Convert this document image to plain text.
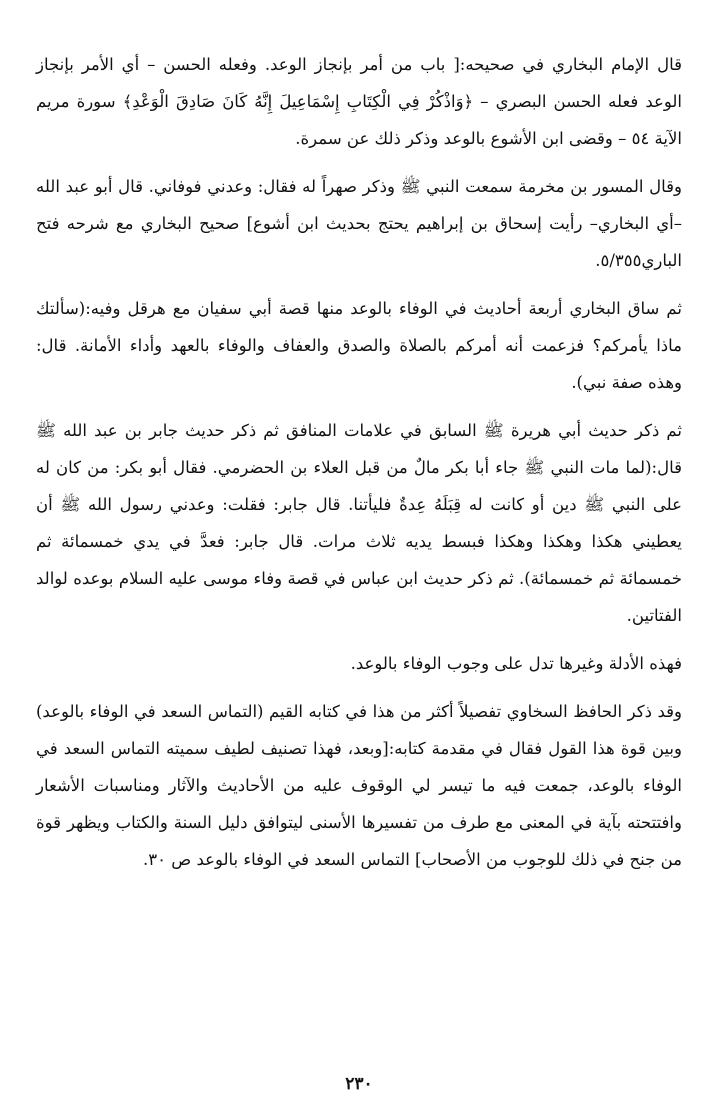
قال الإمام البخاري في صحيحه:[ باب من أمر بإنجاز الوعد. وفعله الحسن – أي الأمر بإنجاز الوعد فعله الحسن البصري – ﴿وَاذْكُرْ فِي الْكِتَابِ إِسْمَاعِيلَ إِنَّهُ كَانَ صَادِقَ الْوَعْدِ﴾ سورة مريم الآية ٥٤ – وقضى ابن الأشوع بالوعد وذكر ذلك عن سمرة.

وقال المسور بن مخرمة سمعت النبي ﷺ وذكر صهراً له فقال: وعدني فوفاني. قال أبو عبد الله –أي البخاري– رأيت إسحاق بن إبراهيم يحتج بحديث ابن أشوع] صحيح البخاري مع شرحه فتح الباري٥/٣٥٥.

ثم ساق البخاري أربعة أحاديث في الوفاء بالوعد منها قصة أبي سفيان مع هرقل وفيه:(سألتك ماذا يأمركم؟ فزعمت أنه أمركم بالصلاة والصدق والعفاف والوفاء بالعهد وأداء الأمانة. قال: وهذه صفة نبي).

ثم ذكر حديث أبي هريرة ﷺ السابق في علامات المنافق ثم ذكر حديث جابر بن عبد الله ﷺ قال:(لما مات النبي ﷺ جاء أبا بكر مالٌ من قبل العلاء بن الحضرمي. فقال أبو بكر: من كان له على النبي ﷺ دين أو كانت له قِبَلَهُ عِدةٌ فليأتنا. قال جابر: فقلت: وعدني رسول الله ﷺ أن يعطيني هكذا وهكذا وهكذا فبسط يديه ثلاث مرات. قال جابر: فعدَّ في يدي خمسمائة ثم خمسمائة ثم خمسمائة). ثم ذكر حديث ابن عباس في قصة وفاء موسى عليه السلام بوعده لوالد الفتاتين.

فهذه الأدلة وغيرها تدل على وجوب الوفاء بالوعد.

وقد ذكر الحافظ السخاوي تفصيلاً أكثر من هذا في كتابه القيم (التماس السعد في الوفاء بالوعد) وبين قوة هذا القول فقال في مقدمة كتابه:[وبعد، فهذا تصنيف لطيف سميته التماس السعد في الوفاء بالوعد، جمعت فيه ما تيسر لي الوقوف عليه من الأحاديث والآثار ومناسبات الأشعار وافتتحته بآية في المعنى مع طرف من تفسيرها الأسنى ليتوافق دليل السنة والكتاب ويظهر قوة من جنح في ذلك للوجوب من الأصحاب] التماس السعد في الوفاء بالوعد ص ٣٠.

٢٣٠
